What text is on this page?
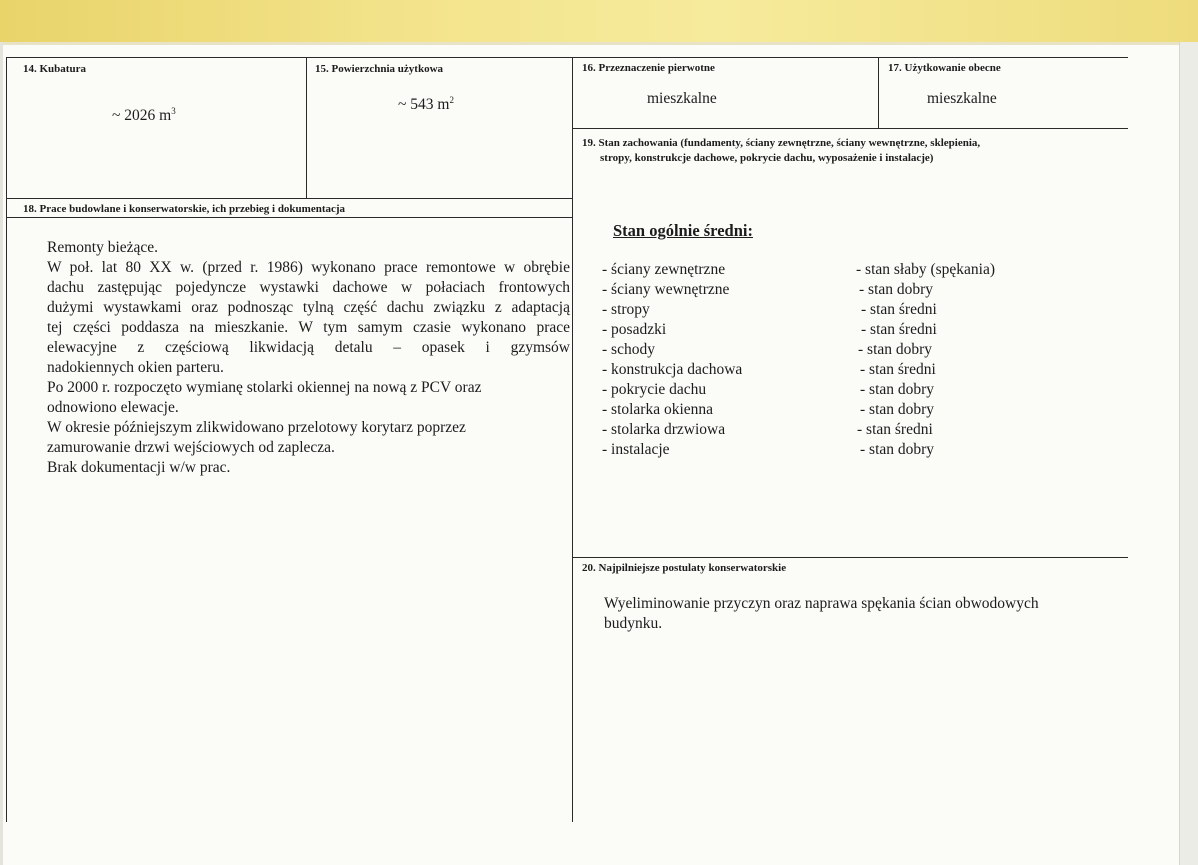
14. Kubatura
~ 2026 $m^3$
15. Powierzchnia użytkowa
~ 543 $m^2$
16. Przeznaczenie pierwotne
mieszkalne
17. Użytkowanie obecne
mieszkalne
18. Prace budowlane i konserwatorskie, ich przebieg i dokumentacja
Remonty bieżące.
W poł. lat 80 XX w. (przed r. 1986) wykonano prace remontowe w obrębie
dachu zastępując pojedyncze wystawki dachowe w połaciach frontowych
dużymi wystawkami oraz podnosząc tylną część dachu związku z adaptacją
tej części poddasza na mieszkanie. W tym samym czasie wykonano prace
elewacyjne z częściową likwidacją detalu – opasek i gzymsów
nadokiennych okien parteru.
Po 2000 r. rozpoczęto wymianę stolarki okiennej na nową z PCV oraz
odnowiono elewacje.
W okresie późniejszym zlikwidowano przelotowy korytarz poprzez
zamurowanie drzwi wejściowych od zaplecza.
Brak dokumentacji w/w prac.
19. Stan zachowania (fundamenty, ściany zewnętrzne, ściany wewnętrzne, sklepienia,
stropy, konstrukcje dachowe, pokrycie dachu, wyposażenie i instalacje)
Stan ogólnie średni:
- ściany zewnętrzne
- ściany wewnętrzne
- stropy
- posadzki
- schody
- konstrukcja dachowa
- pokrycie dachu
- stolarka okienna
- stolarka drzwiowa
- instalacje
- stan słaby (spękania)
- stan dobry
- stan średni
- stan średni
- stan dobry
- stan średni
- stan dobry
- stan dobry
- stan średni
- stan dobry
20. Najpilniejsze postulaty konserwatorskie
Wyeliminowanie przyczyn oraz naprawa spękania ścian obwodowych
budynku.
